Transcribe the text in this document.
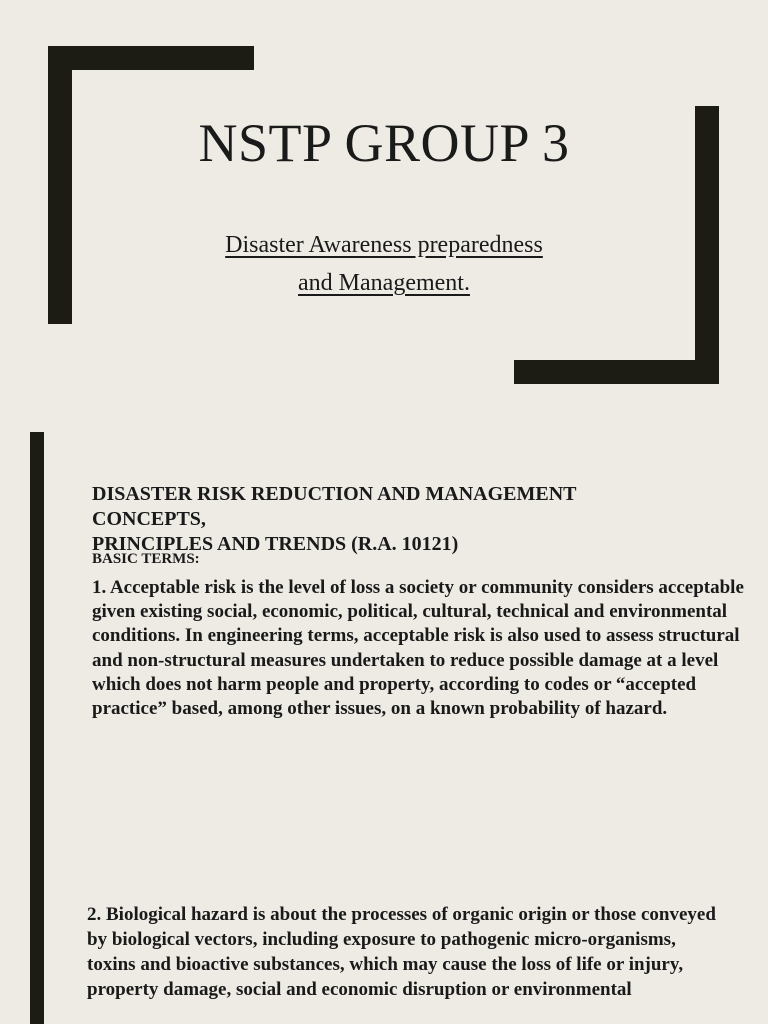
NSTP GROUP 3

Disaster Awareness preparedness
and Management.

DISASTER RISK REDUCTION AND MANAGEMENT
CONCEPTS,
PRINCIPLES AND TRENDS (R.A. 10121)

BASIC TERMS:

1. Acceptable risk is the level of loss a society or community considers acceptable given existing social, economic, political, cultural, technical and environmental conditions. In engineering terms, acceptable risk is also used to assess structural and non-structural measures undertaken to reduce possible damage at a level which does not harm people and property, according to codes or “accepted practice” based, among other issues, on a known probability of hazard.

2. Biological hazard is about the processes of organic origin or those conveyed by biological vectors, including exposure to pathogenic micro-organisms, toxins and bioactive substances, which may cause the loss of life or injury, property damage, social and economic disruption or environmental
